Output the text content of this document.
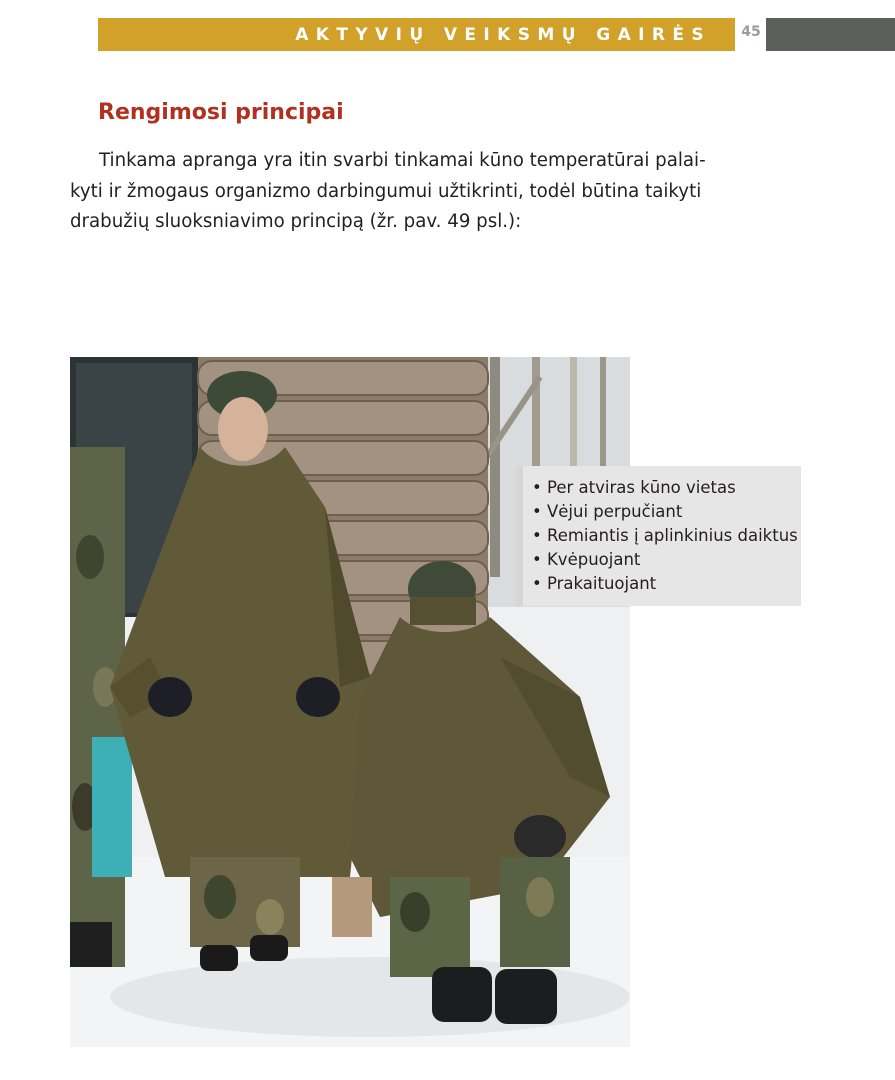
AKTYVIŲ VEIKSMŲ GAIRĖS 45
Rengimosi principai
Tinkama apranga yra itin svarbi tinkamai kūno temperatūrai palai-
kyti ir žmogaus organizmo darbingumui užtikrinti, todėl būtina taikyti
drabužių sluoksniavimo principą (žr. pav. 49 psl.):
• Per atviras kūno vietas
• Vėjui perpučiant
• Remiantis į aplinkinius daiktus
• Kvėpuojant
• Prakaituojant
